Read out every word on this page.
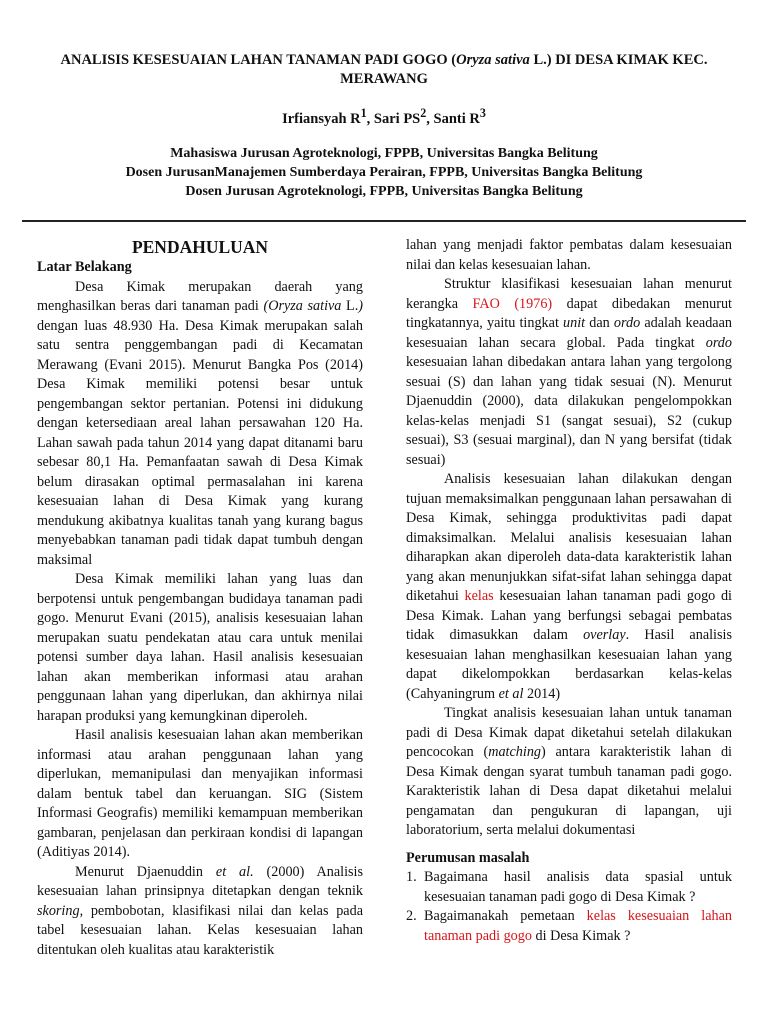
ANALISIS KESESUAIAN LAHAN TANAMAN PADI GOGO (Oryza sativa L.) DI DESA KIMAK KEC. MERAWANG
Irfiansyah $R^1$, Sari $PS^2$, Santi $R^3$
Mahasiswa Jurusan Agroteknologi, FPPB, Universitas Bangka Belitung
Dosen JurusanManajemen Sumberdaya Perairan, FPPB, Universitas Bangka Belitung
Dosen Jurusan Agroteknologi, FPPB, Universitas Bangka Belitung
PENDAHULUAN

Latar Belakang

Desa Kimak merupakan daerah yang menghasilkan beras dari tanaman padi (Oryza sativa L.) dengan luas 48.930 Ha. Desa Kimak merupakan salah satu sentra penggembangan padi di Kecamatan Merawang (Evani 2015). Menurut Bangka Pos (2014) Desa Kimak memiliki potensi besar untuk pengembangan sektor pertanian. Potensi ini didukung dengan ketersediaan areal lahan persawahan 120 Ha. Lahan sawah pada tahun 2014 yang dapat ditanami baru sebesar 80,1 Ha. Pemanfaatan sawah di Desa Kimak belum dirasakan optimal permasalahan ini karena kesesuaian lahan di Desa Kimak yang kurang mendukung akibatnya kualitas tanah yang kurang bagus menyebabkan tanaman padi tidak dapat tumbuh dengan maksimal

Desa Kimak memiliki lahan yang luas dan berpotensi untuk pengembangan budidaya tanaman padi gogo. Menurut Evani (2015), analisis kesesuaian lahan merupakan suatu pendekatan atau cara untuk menilai potensi sumber daya lahan. Hasil analisis kesesuaian lahan akan memberikan informasi atau arahan penggunaan lahan yang diperlukan, dan akhirnya nilai harapan produksi yang kemungkinan diperoleh.

Hasil analisis kesesuaian lahan akan memberikan informasi atau arahan penggunaan lahan yang diperlukan, memanipulasi dan menyajikan informasi dalam bentuk tabel dan keruangan. SIG (Sistem Informasi Geografis) memiliki kemampuan memberikan gambaran, penjelasan dan perkiraan kondisi di lapangan (Aditiyas 2014).

Menurut Djaenuddin et al. (2000) Analisis kesesuaian lahan prinsipnya ditetapkan dengan teknik skoring, pembobotan, klasifikasi nilai dan kelas pada tabel kesesuaian lahan. Kelas kesesuaian lahan ditentukan oleh kualitas atau karakteristik

lahan yang menjadi faktor pembatas dalam kesesuaian nilai dan kelas kesesuaian lahan.

Struktur klasifikasi kesesuaian lahan menurut kerangka FAO (1976) dapat dibedakan menurut tingkatannya, yaitu tingkat unit dan ordo adalah keadaan kesesuaian lahan secara global. Pada tingkat ordo kesesuaian lahan dibedakan antara lahan yang tergolong sesuai (S) dan lahan yang tidak sesuai (N). Menurut Djaenuddin (2000), data dilakukan pengelompokkan kelas-kelas menjadi S1 (sangat sesuai), S2 (cukup sesuai), S3 (sesuai marginal), dan N yang bersifat (tidak sesuai)

Analisis kesesuaian lahan dilakukan dengan tujuan memaksimalkan penggunaan lahan persawahan di Desa Kimak, sehingga produktivitas padi dapat dimaksimalkan. Melalui analisis kesesuaian lahan diharapkan akan diperoleh data-data karakteristik lahan yang akan menunjukkan sifat-sifat lahan sehingga dapat diketahui kelas kesesuaian lahan tanaman padi gogo di Desa Kimak. Lahan yang berfungsi sebagai pembatas tidak dimasukkan dalam overlay. Hasil analisis kesesuaian lahan menghasilkan kesesuaian lahan yang dapat dikelompokkan berdasarkan kelas-kelas (Cahyaningrum et al 2014)

Tingkat analisis kesesuaian lahan untuk tanaman padi di Desa Kimak dapat diketahui setelah dilakukan pencocokan (matching) antara karakteristik lahan di Desa Kimak dengan syarat tumbuh tanaman padi gogo. Karakteristik lahan di Desa dapat diketahui melalui pengamatan dan pengukuran di lapangan, uji laboratorium, serta melalui dokumentasi

Perumusan masalah

1. Bagaimana hasil analisis data spasial untuk kesesuaian tanaman padi gogo di Desa Kimak ?
2. Bagaimanakah pemetaan kelas kesesuaian lahan tanaman padi gogo di Desa Kimak ?
